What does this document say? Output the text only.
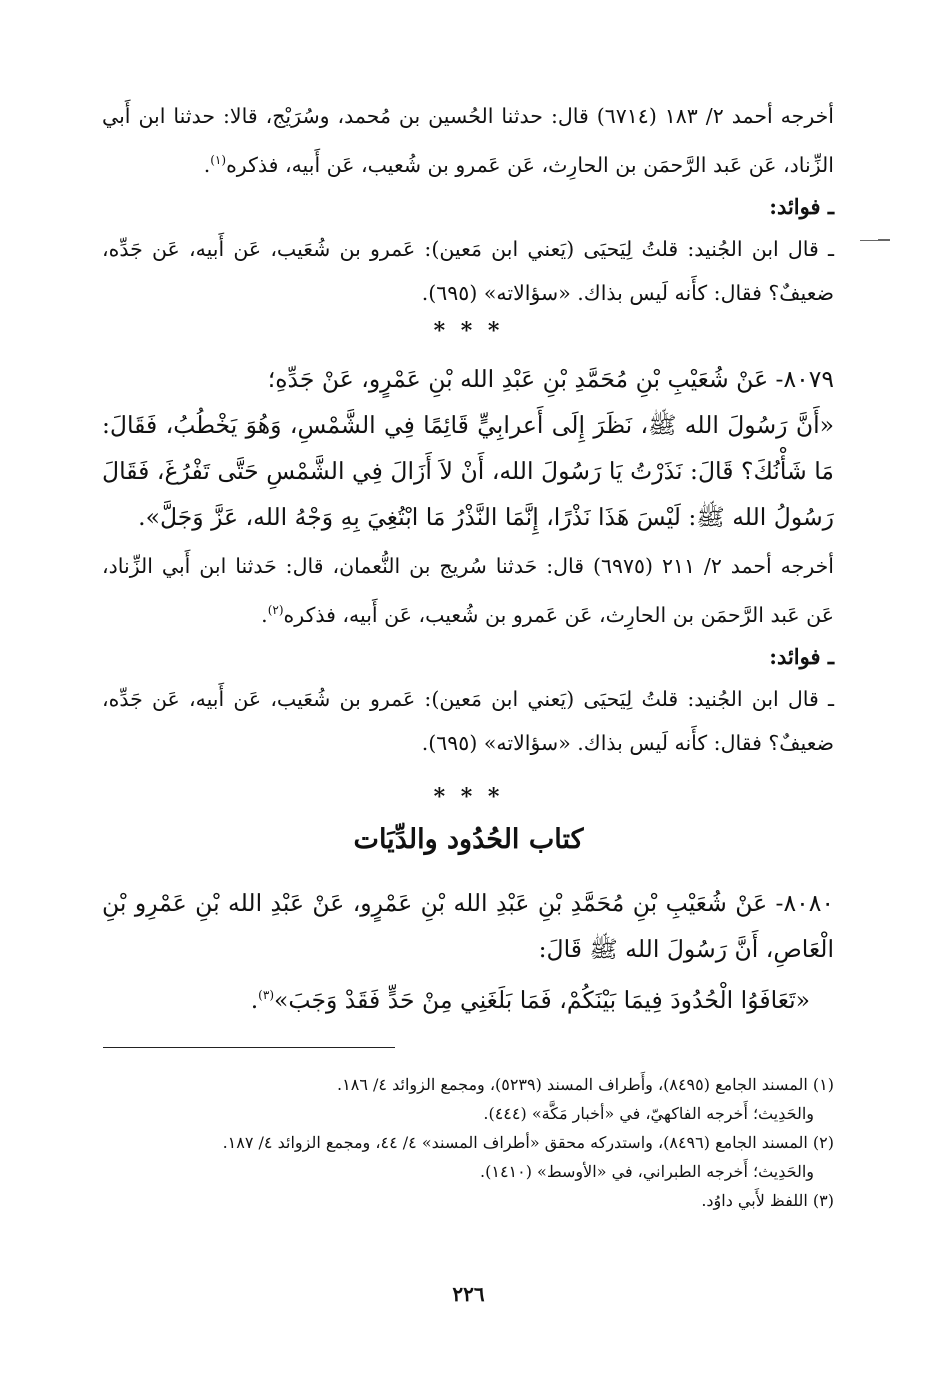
أخرجه أحمد ٢/ ١٨٣ (٦٧١٤) قال: حدثنا الحُسين بن مُحمد، وسُرَيْج، قالا: حدثنا ابن أَبي الزِّناد، عَن عَبد الرَّحمَن بن الحارِث، عَن عَمرو بن شُعيب، عَن أَبيه، فذكره$^{(١)}$.

ـ فوائد:

ـ قال ابن الجُنيد: قلتُ لِيَحيَى (يَعني ابن مَعين): عَمرو بن شُعَيب، عَن أَبيه، عَن جَدِّه، ضعيفٌ؟ فقال: كأَنه لَيس بذاك. «سؤالاته» (٦٩٥).

* * *

٨٠٧٩- عَنْ شُعَيْبِ بْنِ مُحَمَّدِ بْنِ عَبْدِ الله بْنِ عَمْرٍو، عَنْ جَدِّهِ؛

«أَنَّ رَسُولَ الله ﷺ، نَظَرَ إِلَى أَعرابِيٍّ قَائِمًا فِي الشَّمْسِ، وَهُوَ يَخْطُبُ، فَقَالَ: مَا شَأْنُكَ؟ قَالَ: نَذَرْتُ يَا رَسُولَ الله، أَنْ لاَ أَزَالَ فِي الشَّمْسِ حَتَّى تَفْرُغَ، فَقَالَ رَسُولُ الله ﷺ: لَيْسَ هَذَا نَذْرًا، إِنَّمَا النَّذْرُ مَا ابْتُغِيَ بِهِ وَجْهُ الله، عَزَّ وَجَلَّ».

أخرجه أحمد ٢/ ٢١١ (٦٩٧٥) قال: حَدثنا سُريج بن النُّعمان، قال: حَدثنا ابن أَبي الزِّناد، عَن عَبد الرَّحمَن بن الحارِث، عَن عَمرو بن شُعيب، عَن أَبيه، فذكره$^{(٢)}$.

ـ فوائد:

ـ قال ابن الجُنيد: قلتُ لِيَحيَى (يَعني ابن مَعين): عَمرو بن شُعَيب، عَن أَبيه، عَن جَدِّه، ضعيفٌ؟ فقال: كأَنه لَيس بذاك. «سؤالاته» (٦٩٥).

* * *
كتاب الحُدُود والدِّيَات

٨٠٨٠- عَنْ شُعَيْبِ بْنِ مُحَمَّدِ بْنِ عَبْدِ الله بْنِ عَمْرٍو، عَنْ عَبْدِ الله بْنِ عَمْرِو بْنِ الْعَاصِ، أَنَّ رَسُولَ الله ﷺ قَالَ:

«تَعَافَوُا الْحُدُودَ فِيمَا بَيْنَكُمْ، فَمَا بَلَغَنِي مِنْ حَدٍّ فَقَدْ وَجَبَ»$^{(٣)}$.

(١) المسند الجامع (٨٤٩٥)، وأَطراف المسند (٥٢٣٩)، ومجمع الزوائد ٤/ ١٨٦.

والحَدِيث؛ أَخرجه الفاكهيّ، في «أخبار مَكَّة» (٤٤٤).

(٢) المسند الجامع (٨٤٩٦)، واستدركه محقق «أطراف المسند» ٤/ ٤٤، ومجمع الزوائد ٤/ ١٨٧.

والحَدِيث؛ أَخرجه الطبراني، في «الأوسط» (١٤١٠).

(٣) اللفظ لأَبي داوُد.

٢٢٦
